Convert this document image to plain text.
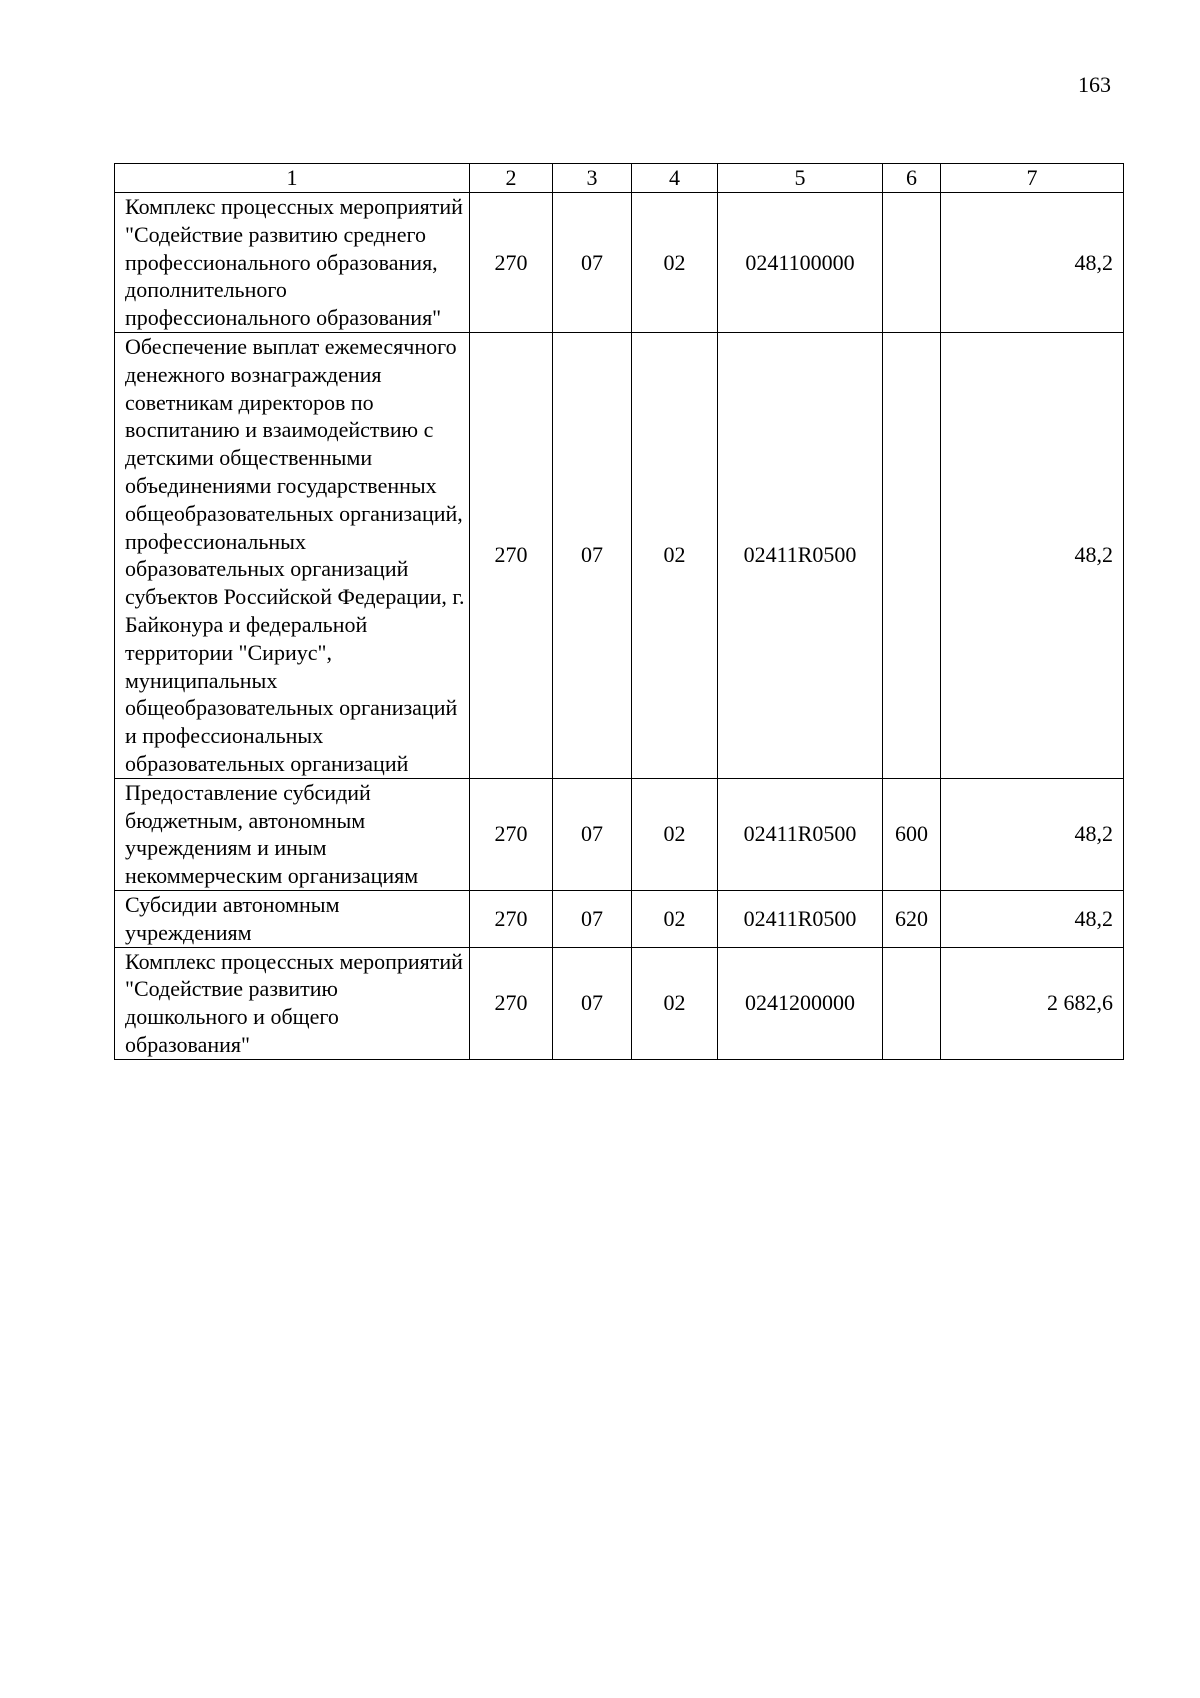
163
1	2	3	4	5	6	7
Комплекс процессных мероприятий "Содействие развитию среднего профессионального образования, дополнительного профессионального образования"	270	07	02	0241100000		48,2
Обеспечение выплат ежемесячного денежного вознаграждения советникам директоров по воспитанию и взаимодействию с детскими общественными объединениями государственных общеобразовательных организаций, профессиональных образовательных организаций субъектов Российской Федерации, г. Байконура и федеральной территории "Сириус", муниципальных общеобразовательных организаций и профессиональных образовательных организаций	270	07	02	02411R0500		48,2
Предоставление субсидий бюджетным, автономным учреждениям и иным некоммерческим организациям	270	07	02	02411R0500	600	48,2
Субсидии автономным учреждениям	270	07	02	02411R0500	620	48,2
Комплекс процессных мероприятий "Содействие развитию дошкольного и общего образования"	270	07	02	0241200000		2 682,6
